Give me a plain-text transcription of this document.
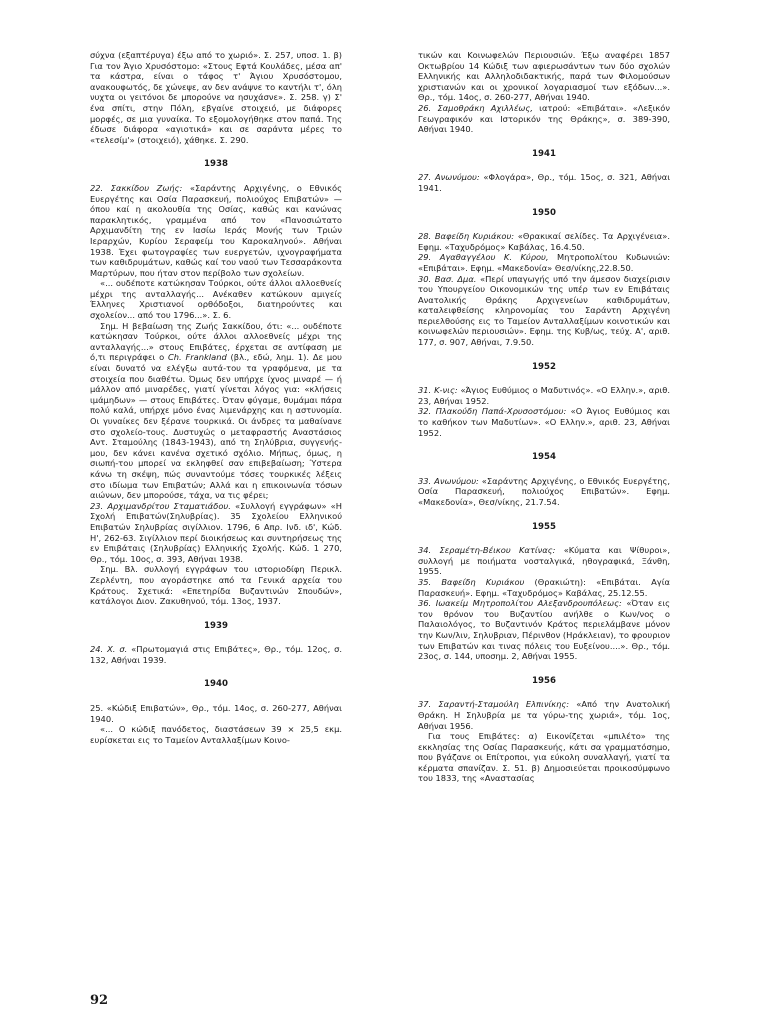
σύχνα (εξαπτέρυγα) έξω από το χωριό». Σ. 257, υποσ. 1. β) Για τον Άγιο Χρυσόστομο: «Στους Εφτά Κουλάδες, μέσα απ' τα κάστρα, είναι ο τάφος τ' Άγιου Χρυσόστομου, ανακουφωτός, δε χώνεψε, αν δεν ανάψνε το καντήλι τ', όλη νυχτα οι γειτόνοι δε μπορούνε να ησυχάσνε». Σ. 258. γ) Σ' ένα σπίτι, στην Πόλη, εβγαίνε στοιχειό, με διάφορες μορφές, σε μια γυναίκα. Το εξομολογήθηκε στον παπά. Της έδωσε διάφορα «αγιοτικά» και σε σαράντα μέρες το «τελεσίμ'» (στοιχειό), χάθηκε. Σ. 290.

1938

22. Σακκίδου Ζωής: «Σαράντης Αρχιγένης, ο Εθνικός Ευεργέτης και Οσία Παρασκευή, πολιούχος Επιβατών» — όπου καί η ακολουθία της Οσίας, καθώς και κανώνας παρακλητικός, γραμμένα από τον «Πανοσιώτατο Αρχιμανδίτη της εν Ιασίω Ιεράς Μονής των Τριών Ιεραρχών, Κυρίου Σεραφείμ του Καροκαληνού». Αθήναι 1938. Έχει φωτογραφίες των ευεργετών, ιχνογραφήματα των καθιδρυμάτων, καθώς καί του ναού των Τεσσαράκοντα Μαρτύρων, που ήταν στον περίβολο των σχολείων.

«... ουδέποτε κατώκησαν Τούρκοι, ούτε άλλοι αλλοεθνείς μέχρι της ανταλλαγής... Ανέκαθεν κατώκουν αμιγείς Έλληνες Χριστιανοί ορθόδοξοι, διατηρούντες και σχολείον... από του 1796...». Σ. 6.

Σημ. Η βεβαίωση της Ζωής Σακκίδου, ότι: «... ουδέποτε κατώκησαν Τούρκοι, ούτε άλλοι αλλοεθνείς μέχρι της ανταλλαγής...» στους Επιβάτες, έρχεται σε αντίφαση με ό,τι περιγράφει ο Ch. Frankland (βλ., εδώ, λημ. 1). Δε μου είναι δυνατό να ελέγξω αυτά-του τα γραφόμενα, με τα στοιχεία που διαθέτω. Όμως δεν υπήρχε ίχνος μιναρέ — ή μάλλον από μιναρέδες, γιατί γίνεται λόγος για: «κλήσεις ιμάμηδων» — στους Επιβάτες. Όταν φύγαμε, θυμάμαι πάρα πολύ καλά, υπήρχε μόνο ένας λιμενάρχης και η αστυνομία. Οι γυναίκες δεν ξέρανε τουρκικά. Οι άνδρες τα μαθαίνανε στο σχολείο-τους. Δυστυχώς ο μεταφραστής Αναστάσιος Αντ. Σταμούλης (1843-1943), από τη Σηλύβρια, συγγενής-μου, δεν κάνει κανένα σχετικό σχόλιο. Μήπως, όμως, η σιωπή-του μπορεί να εκληφθεί σαν επιβεβαίωση; Ύστερα κάνω τη σκέψη, πώς συναντούμε τόσες τουρκικές λέξεις στο ιδίωμα των Επιβατών; Αλλά και η επικοινωνία τόσων αιώνων, δεν μπορούσε, τάχα, να τις φέρει;

23. Αρχιμανδρίτου Σταματιάδου. «Συλλογή εγγράφων» «Η Σχολή Επιβατών(Σηλυβρίας). 35 Σχολείου Ελληνικού Επιβατών Σηλυβρίας σιγίλλιον. 1796, 6 Απρ. Ινδ. ιδ', Κώδ. Η', 262-63. Σιγίλλιον περί διοικήσεως και συντηρήσεως της εν Επιβάταις (Σηλυβρίας) Ελληνικής Σχολής. Κώδ. 1 270, Θρ., τόμ. 10ος, σ. 393, Αθήναι 1938.

Σημ. Βλ. συλλογή εγγράφων του ιστοριοδίφη Περικλ. Ζερλέντη, που αγοράστηκε από τα Γενικά αρχεία του Κράτους. Σχετικά: «Επετηρίδα Βυζαντινών Σπουδών», κατάλογοι Διον. Ζακυθηνού, τόμ. 13ος, 1937.

1939

24. Χ. σ. «Πρωτομαγιά στις Επιβάτες», Θρ., τόμ. 12ος, σ. 132, Αθήναι 1939.

1940

25. «Κώδιξ Επιβατών», Θρ., τόμ. 14ος, σ. 260-277, Αθήναι 1940.

«... Ο κώδιξ πανόδετος, διαστάσεων 39 × 25,5 εκμ. ευρίσκεται εις το Ταμείον Ανταλλαξίμων Κοινο-

τικών και Κοινωφελών Περιουσιών. Έξω αναφέρει 1857 Οκτωβρίου 14 Κώδιξ των αφιερωσάντων των δύο σχολών Ελληνικής και Αλληλοδιδακτικής, παρά των Φιλομούσων χριστιανών και οι χρονικοί λογαριασμοί των εξόδων...». Θρ., τόμ. 14ος, σ. 260-277, Αθήναι 1940.

26. Σαμοθράκη Αχιλλέως, ιατρού: «Επιβάται». «Λεξικόν Γεωγραφικόν και Ιστορικόν της Θράκης», σ. 389-390, Αθήναι 1940.

1941

27. Ανωνύμου: «Φλογάρα», Θρ., τόμ. 15ος, σ. 321, Αθήναι 1941.

1950

28. Βαφείδη Κυριάκου: «Θρακικαί σελίδες. Τα Αρχιγένεια». Εφημ. «Ταχυδρόμος» Καβάλας, 16.4.50.

29. Αγαθαγγέλου Κ. Κύρου, Μητροπολίτου Κυδωνιών: «Επιβάται». Εφημ. «Μακεδονία» Θεσ/νίκης,22.8.50.

30. Βασ. Δμα. «Περί υπαγωγής υπό την άμεσον διαχείρισιν του Υπουργείου Οικονομικών της υπέρ των εν Επιβάταις Ανατολικής Θράκης Αρχιγενείων καθιδρυμάτων, καταλειφθείσης κληρονομίας του Σαράντη Αρχιγένη περιελθούσης εις το Ταμείον Ανταλλαξίμων κοινοτικών και κοινωφελών περιουσιών». Εφημ. της Κυβ/ως, τεύχ. Α', αριθ. 177, σ. 907, Αθήναι, 7.9.50.

1952

31. Κ-νις: «Άγιος Ευθύμιος ο Μαδυτινός». «Ο Ελλην.», αριθ. 23, Αθήναι 1952.

32. Πλακούδη Παπά-Χρυσοστόμου: «Ο Άγιος Ευθύμιος και το καθήκον των Μαδυτίων». «Ο Ελλην.», αριθ. 23, Αθήναι 1952.

1954

33. Ανωνύμου: «Σαράντης Αρχιγένης, ο Εθνικός Ευεργέτης, Οσία Παρασκευή, πολιούχος Επιβατών». Εφημ. «Μακεδονία», Θεσ/νίκης, 21.7.54.

1955

34. Σεραμέτη-Βέικου Κατίνας: «Κύματα και Ψίθυροι», συλλογή με ποιήματα νοσταλγικά, ηθογραφικά, Ξάνθη, 1955.

35. Βαφείδη Κυριάκου (Θρακιώτη): «Επιβάται. Αγία Παρασκευή». Εφημ. «Ταχυδρόμος» Καβάλας, 25.12.55.

36. Ιωακείμ Μητροπολίτου Αλεξανδρουπόλεως: «Όταν εις τον θρόνον του Βυζαντίου ανήλθε ο Κων/νος ο Παλαιολόγος, το Βυζαντινόν Κράτος περιελάμβανε μόνον την Κων/λιν, Σηλυβριαν, Πέρινθον (Ηράκλειαν), το φρουριον των Επιβατών και τινας πόλεις του Ευξείνου....». Θρ., τόμ. 23ος, σ. 144, υποσημ. 2, Αθήναι 1955.

1956

37. Σαραντή-Σταμούλη Ελπινίκης: «Από την Ανατολική Θράκη. Η Σηλυβρία με τα γύρω-της χωριά», τόμ. 1ος, Αθήναι 1956.

Για τους Επιβάτες: α) Εικονίζεται «μπιλέτο» της εκκλησίας της Οσίας Παρασκευής, κάτι σα γραμματόσημο, που βγάζανε οι Επίτροποι, για εύκολη συναλλαγή, γιατί τα κέρματα σπανίζαν. Σ. 51. β) Δημοσιεύεται προικοσύμφωνο του 1833, της «Αναστασίας

92
